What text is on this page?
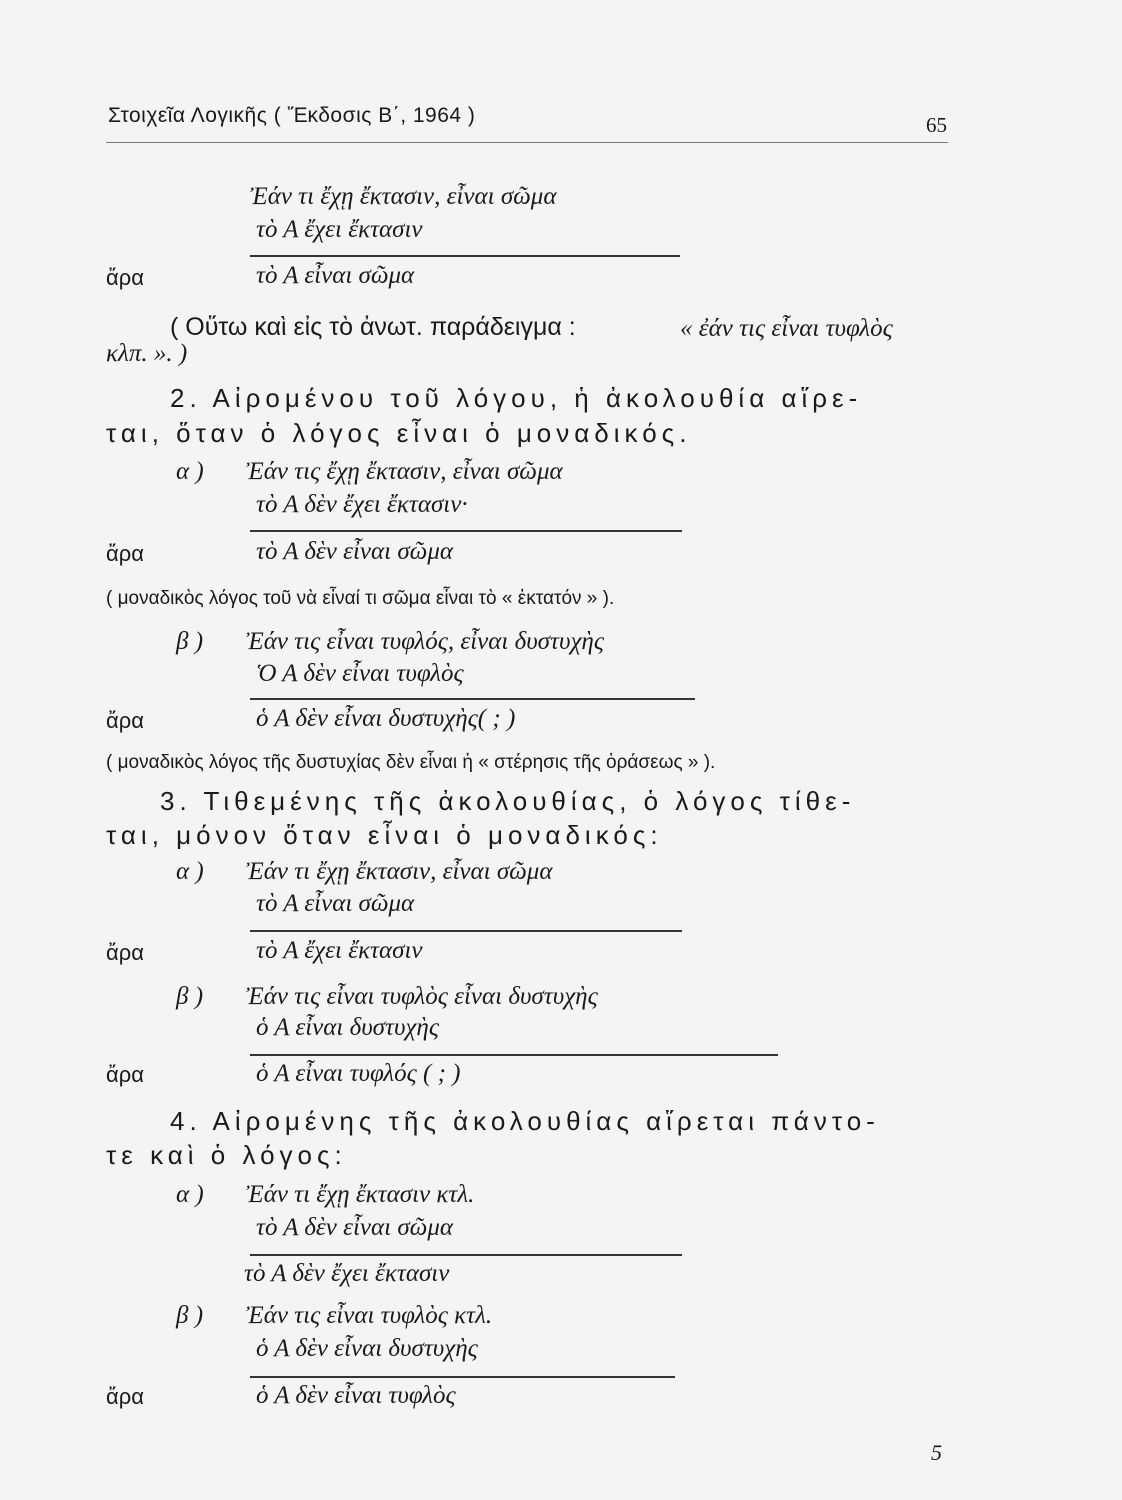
Στοιχεῖα Λογικῆς ( Ἔκδοσις Β΄, 1964 )	65
Ἐάν τι ἔχῃ ἔκτασιν, εἶναι σῶμα
τὸ Α ἔχει ἔκτασιν
ἄρα	τὸ Α εἶναι σῶμα
( Οὕτω καὶ εἰς τὸ ἀνωτ. παράδειγμα :	« ἐάν τις εἶναι τυφλὸς
κλπ. ». )
2. Αἰρομένου τοῦ λόγου, ἡ ἀκολουθία αἵρε-
ται, ὅταν ὁ λόγος εἶναι ὁ μοναδικός.
α ) Ἐάν τις ἔχῃ ἔκτασιν, εἶναι σῶμα
τὸ Α δὲν ἔχει ἔκτασιν·
ἄρα	τὸ Α δὲν εἶναι σῶμα
( μοναδικὸς λόγος τοῦ νὰ εἶναί τι σῶμα εἶναι τὸ « ἐκτατόν » ).
β ) Ἐάν τις εἶναι τυφλός, εἶναι δυστυχὴς
Ὁ Α δὲν εἶναι τυφλὸς
ἄρα	ὁ Α δὲν εἶναι δυστυχὴς( ; )
( μοναδικὸς λόγος τῆς δυστυχίας δὲν εἶναι ἡ « στέρησις τῆς ὁράσεως » ).
3. Τιθεμένης τῆς ἀκολουθίας, ὁ λόγος τίθε-
ται, μόνον ὅταν εἶναι ὁ μοναδικός:
α ) Ἐάν τι ἔχῃ ἔκτασιν, εἶναι σῶμα
τὸ Α εἶναι σῶμα
ἄρα	τὸ Α ἔχει ἔκτασιν
β ) Ἐάν τις εἶναι τυφλὸς εἶναι δυστυχὴς
ὁ Α εἶναι δυστυχὴς
ἄρα	ὁ Α εἶναι τυφλός ( ; )
4. Αἰρομένης τῆς ἀκολουθίας αἵρεται πάντο-
τε καὶ ὁ λόγος:
α ) Ἐάν τι ἔχῃ ἔκτασιν κτλ.
τὸ Α δὲν εἶναι σῶμα
τὸ Α δὲν ἔχει ἔκτασιν
β ) Ἐάν τις εἶναι τυφλὸς κτλ.
ὁ Α δὲν εἶναι δυστυχὴς
ἄρα	ὁ Α δὲν εἶναι τυφλὸς
5
